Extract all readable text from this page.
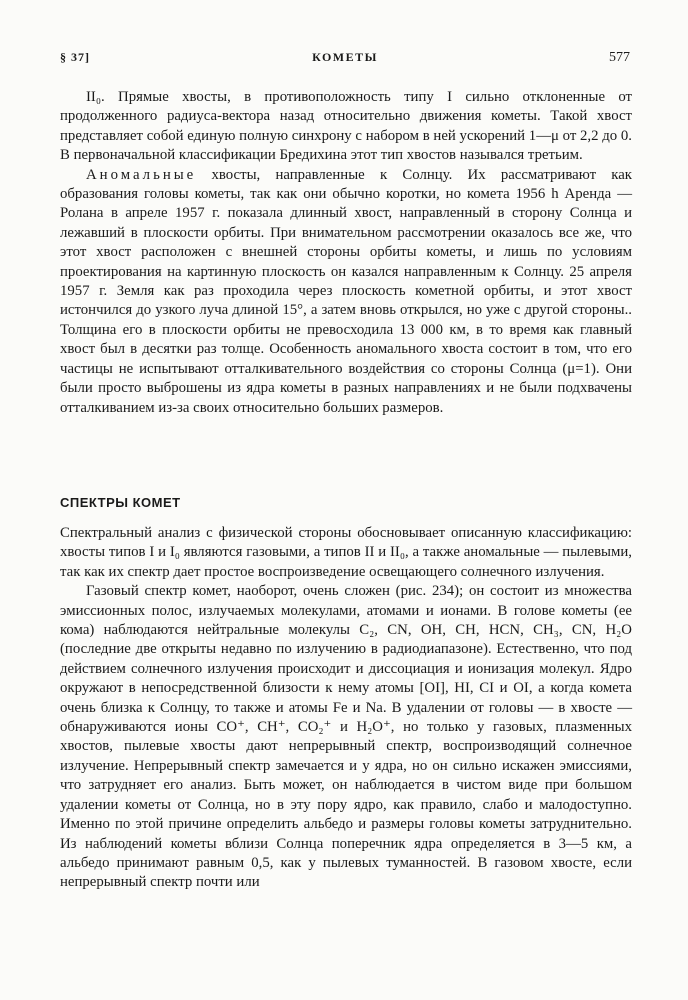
§ 37]	КОМЕТЫ	577

II₀. Прямые хвосты, в противоположность типу I сильно отклоненные от продолженного радиуса-вектора назад относительно движения кометы. Такой хвост представляет собой единую полную синхрону с набором в ней ускорений 1—μ от 2,2 до 0. В первоначальной классификации Бредихина этот тип хвостов назывался третьим.

Аномальные хвосты, направленные к Солнцу. Их рассматривают как образования головы кометы, так как они обычно коротки, но комета 1956 h Аренда — Ролана в апреле 1957 г. показала длинный хвост, направленный в сторону Солнца и лежавший в плоскости орбиты. При внимательном рассмотрении оказалось все же, что этот хвост расположен с внешней стороны орбиты кометы, и лишь по условиям проектирования на картинную плоскость он казался направленным к Солнцу. 25 апреля 1957 г. Земля как раз проходила через плоскость кометной орбиты, и этот хвост истончился до узкого луча длиной 15°, а затем вновь открылся, но уже с другой стороны.. Толщина его в плоскости орбиты не превосходила 13 000 км, в то время как главный хвост был в десятки раз толще. Особенность аномального хвоста состоит в том, что его частицы не испытывают отталкивательного воздействия со стороны Солнца (μ=1). Они были просто выброшены из ядра кометы в разных направлениях и не были подхвачены отталкиванием из-за своих относительно больших размеров.

СПЕКТРЫ КОМЕТ

Спектральный анализ с физической стороны обосновывает описанную классификацию: хвосты типов I и I₀ являются газовыми, а типов II и II₀, а также аномальные — пылевыми, так как их спектр дает простое воспроизведение освещающего солнечного излучения.

Газовый спектр комет, наоборот, очень сложен (рис. 234); он состоит из множества эмиссионных полос, излучаемых молекулами, атомами и ионами. В голове кометы (ее кома) наблюдаются нейтральные молекулы C₂, CN, OH, CH, HCN, CH₃, CN, H₂O (последние две открыты недавно по излучению в радиодиапазоне). Естественно, что под действием солнечного излучения происходит и диссоциация и ионизация молекул. Ядро окружают в непосредственной близости к нему атомы [OI], HI, CI и OI, а когда комета очень близка к Солнцу, то также и атомы Fe и Na. В удалении от головы — в хвосте — обнаруживаются ионы CO⁺, CH⁺, CO₂⁺ и H₂O⁺, но только у газовых, плазменных хвостов, пылевые хвосты дают непрерывный спектр, воспроизводящий солнечное излучение. Непрерывный спектр замечается и у ядра, но он сильно искажен эмиссиями, что затрудняет его анализ. Быть может, он наблюдается в чистом виде при большом удалении кометы от Солнца, но в эту пору ядро, как правило, слабо и малодоступно. Именно по этой причине определить альбедо и размеры головы кометы затруднительно. Из наблюдений кометы вблизи Солнца поперечник ядра определяется в 3—5 км, а альбедо принимают равным 0,5, как у пылевых туманностей. В газовом хвосте, если непрерывный спектр почти или
